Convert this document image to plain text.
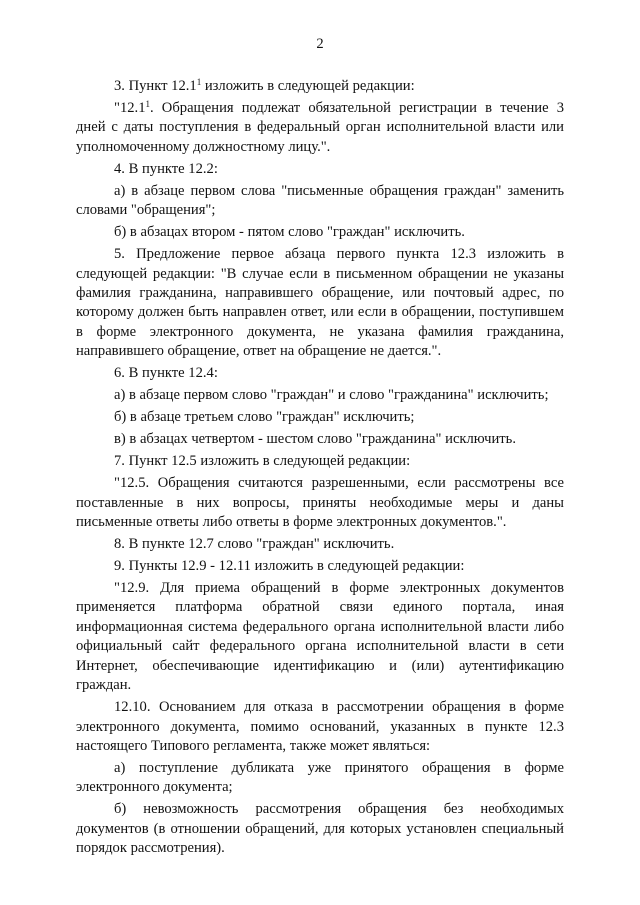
2

3. Пункт 12.1$^1$ изложить в следующей редакции:

"12.1$^1$. Обращения подлежат обязательной регистрации в течение 3 дней с даты поступления в федеральный орган исполнительной власти или уполномоченному должностному лицу.".

4. В пункте 12.2:

а) в абзаце первом слова "письменные обращения граждан" заменить словами "обращения";

б) в абзацах втором - пятом слово "граждан" исключить.

5. Предложение первое абзаца первого пункта 12.3 изложить в следующей редакции: "В случае если в письменном обращении не указаны фамилия гражданина, направившего обращение, или почтовый адрес, по которому должен быть направлен ответ, или если в обращении, поступившем в форме электронного документа, не указана фамилия гражданина, направившего обращение, ответ на обращение не дается.".

6. В пункте 12.4:

а) в абзаце первом слово "граждан" и слово "гражданина" исключить;

б) в абзаце третьем слово "граждан" исключить;

в) в абзацах четвертом - шестом слово "гражданина" исключить.

7. Пункт 12.5 изложить в следующей редакции:

"12.5. Обращения считаются разрешенными, если рассмотрены все поставленные в них вопросы, приняты необходимые меры и даны письменные ответы либо ответы в форме электронных документов.".

8. В пункте 12.7 слово "граждан" исключить.

9. Пункты 12.9 - 12.11 изложить в следующей редакции:

"12.9. Для приема обращений в форме электронных документов применяется платформа обратной связи единого портала, иная информационная система федерального органа исполнительной власти либо официальный сайт федерального органа исполнительной власти в сети Интернет, обеспечивающие идентификацию и (или) аутентификацию граждан.

12.10. Основанием для отказа в рассмотрении обращения в форме электронного документа, помимо оснований, указанных в пункте 12.3 настоящего Типового регламента, также может являться:

а) поступление дубликата уже принятого обращения в форме электронного документа;

б) невозможность рассмотрения обращения без необходимых документов (в отношении обращений, для которых установлен специальный порядок рассмотрения).
